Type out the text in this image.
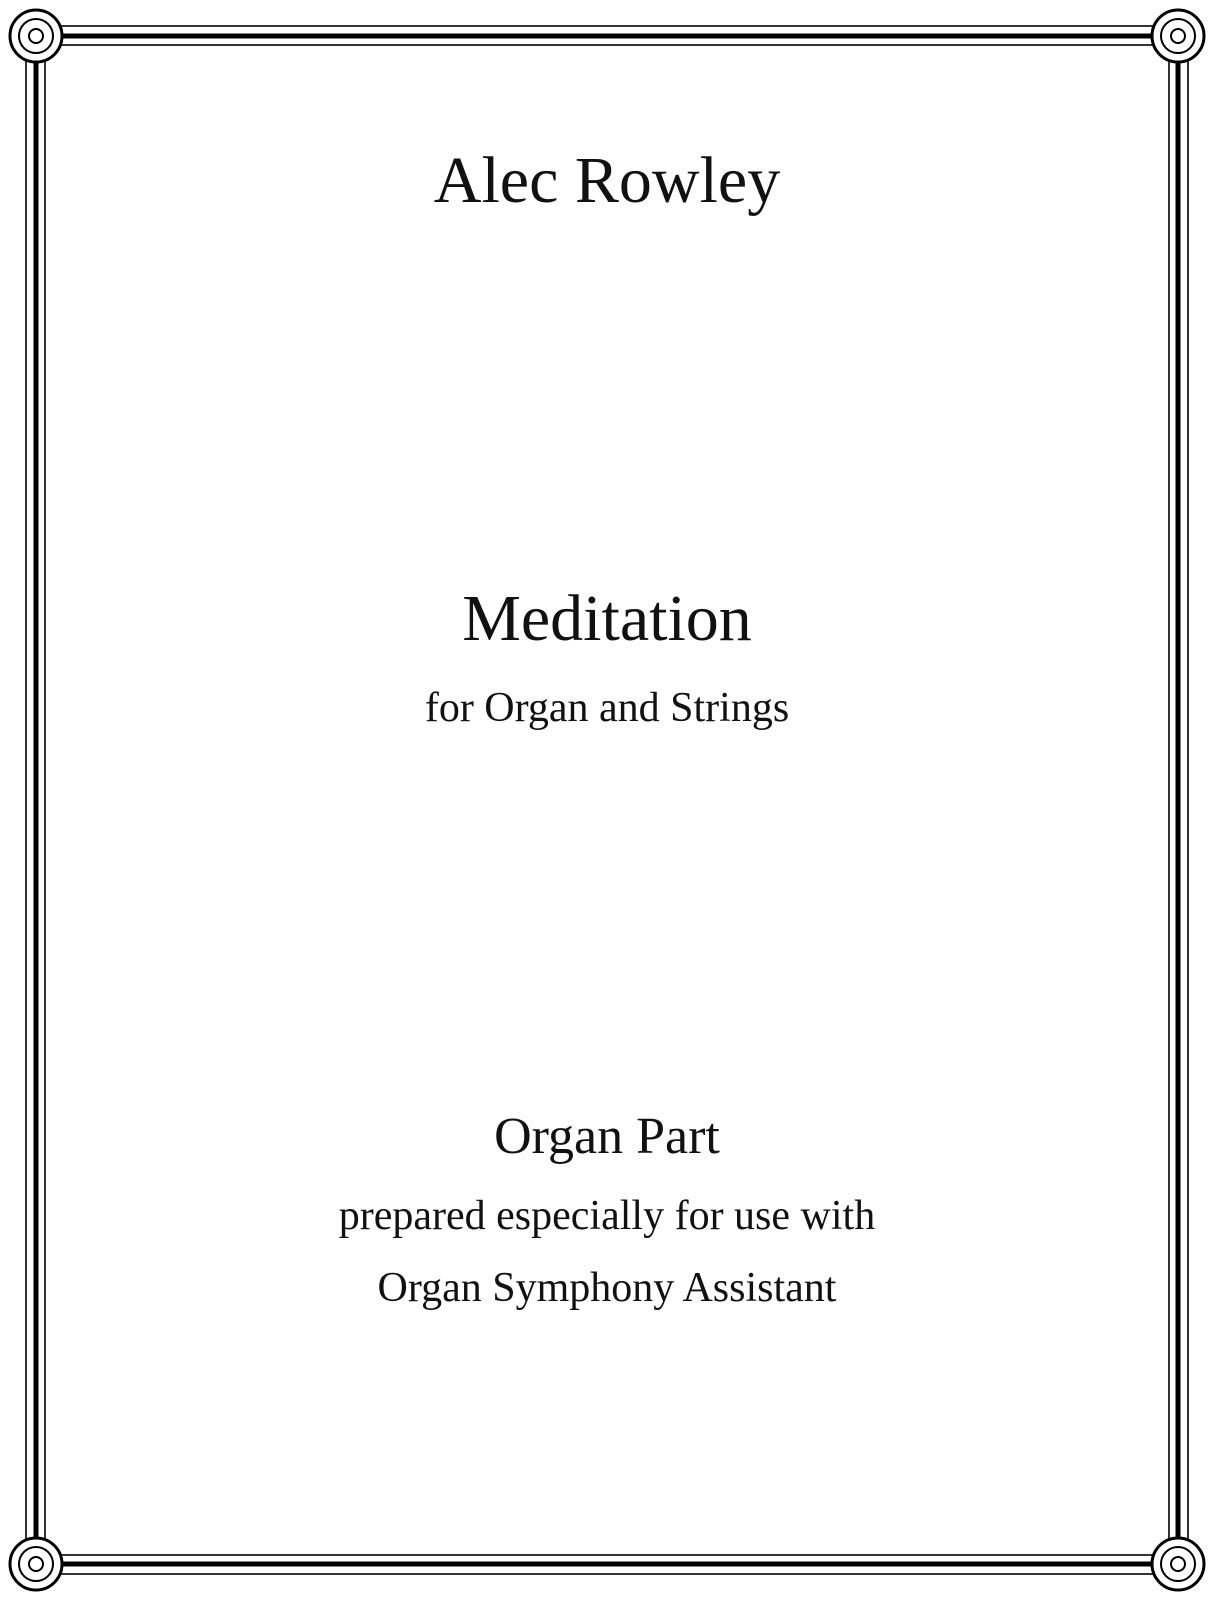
Alec Rowley
Meditation
for Organ and Strings
Organ Part
prepared especially for use with
Organ Symphony Assistant
